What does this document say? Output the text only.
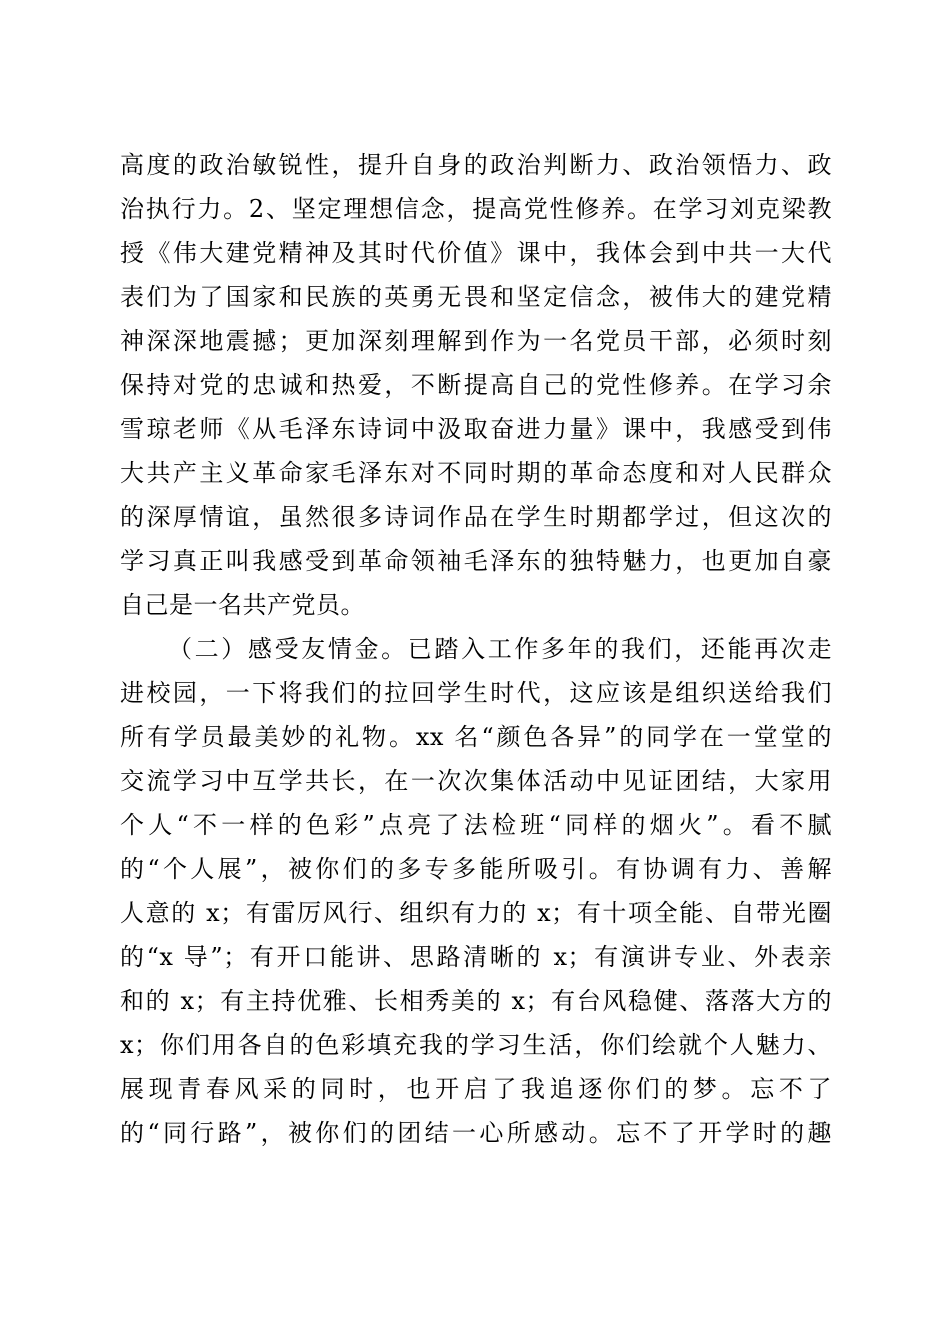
高度的政治敏锐性，提升自身的政治判断力、政治领悟力、政
治执行力。2、坚定理想信念，提高党性修养。在学习刘克梁教
授《伟大建党精神及其时代价值》课中，我体会到中共一大代
表们为了国家和民族的英勇无畏和坚定信念，被伟大的建党精
神深深地震撼；更加深刻理解到作为一名党员干部，必须时刻
保持对党的忠诚和热爱，不断提高自己的党性修养。在学习余
雪琼老师《从毛泽东诗词中汲取奋进力量》课中，我感受到伟
大共产主义革命家毛泽东对不同时期的革命态度和对人民群众
的深厚情谊，虽然很多诗词作品在学生时期都学过，但这次的
学习真正叫我感受到革命领袖毛泽东的独特魅力，也更加自豪
自己是一名共产党员。
（二）感受友情金。已踏入工作多年的我们，还能再次走
进校园，一下将我们的拉回学生时代，这应该是组织送给我们
所有学员最美妙的礼物。xx 名“颜色各异”的同学在一堂堂的
交流学习中互学共长，在一次次集体活动中见证团结，大家用
个人“不一样的色彩”点亮了法检班“同样的烟火”。看不腻
的“个人展”，被你们的多专多能所吸引。有协调有力、善解
人意的 x；有雷厉风行、组织有力的 x；有十项全能、自带光圈
的“x 导”；有开口能讲、思路清晰的 x；有演讲专业、外表亲
和的 x；有主持优雅、长相秀美的 x；有台风稳健、落落大方的
x；你们用各自的色彩填充我的学习生活，你们绘就个人魅力、
展现青春风采的同时，也开启了我追逐你们的梦。忘不了
的“同行路”，被你们的团结一心所感动。忘不了开学时的趣
